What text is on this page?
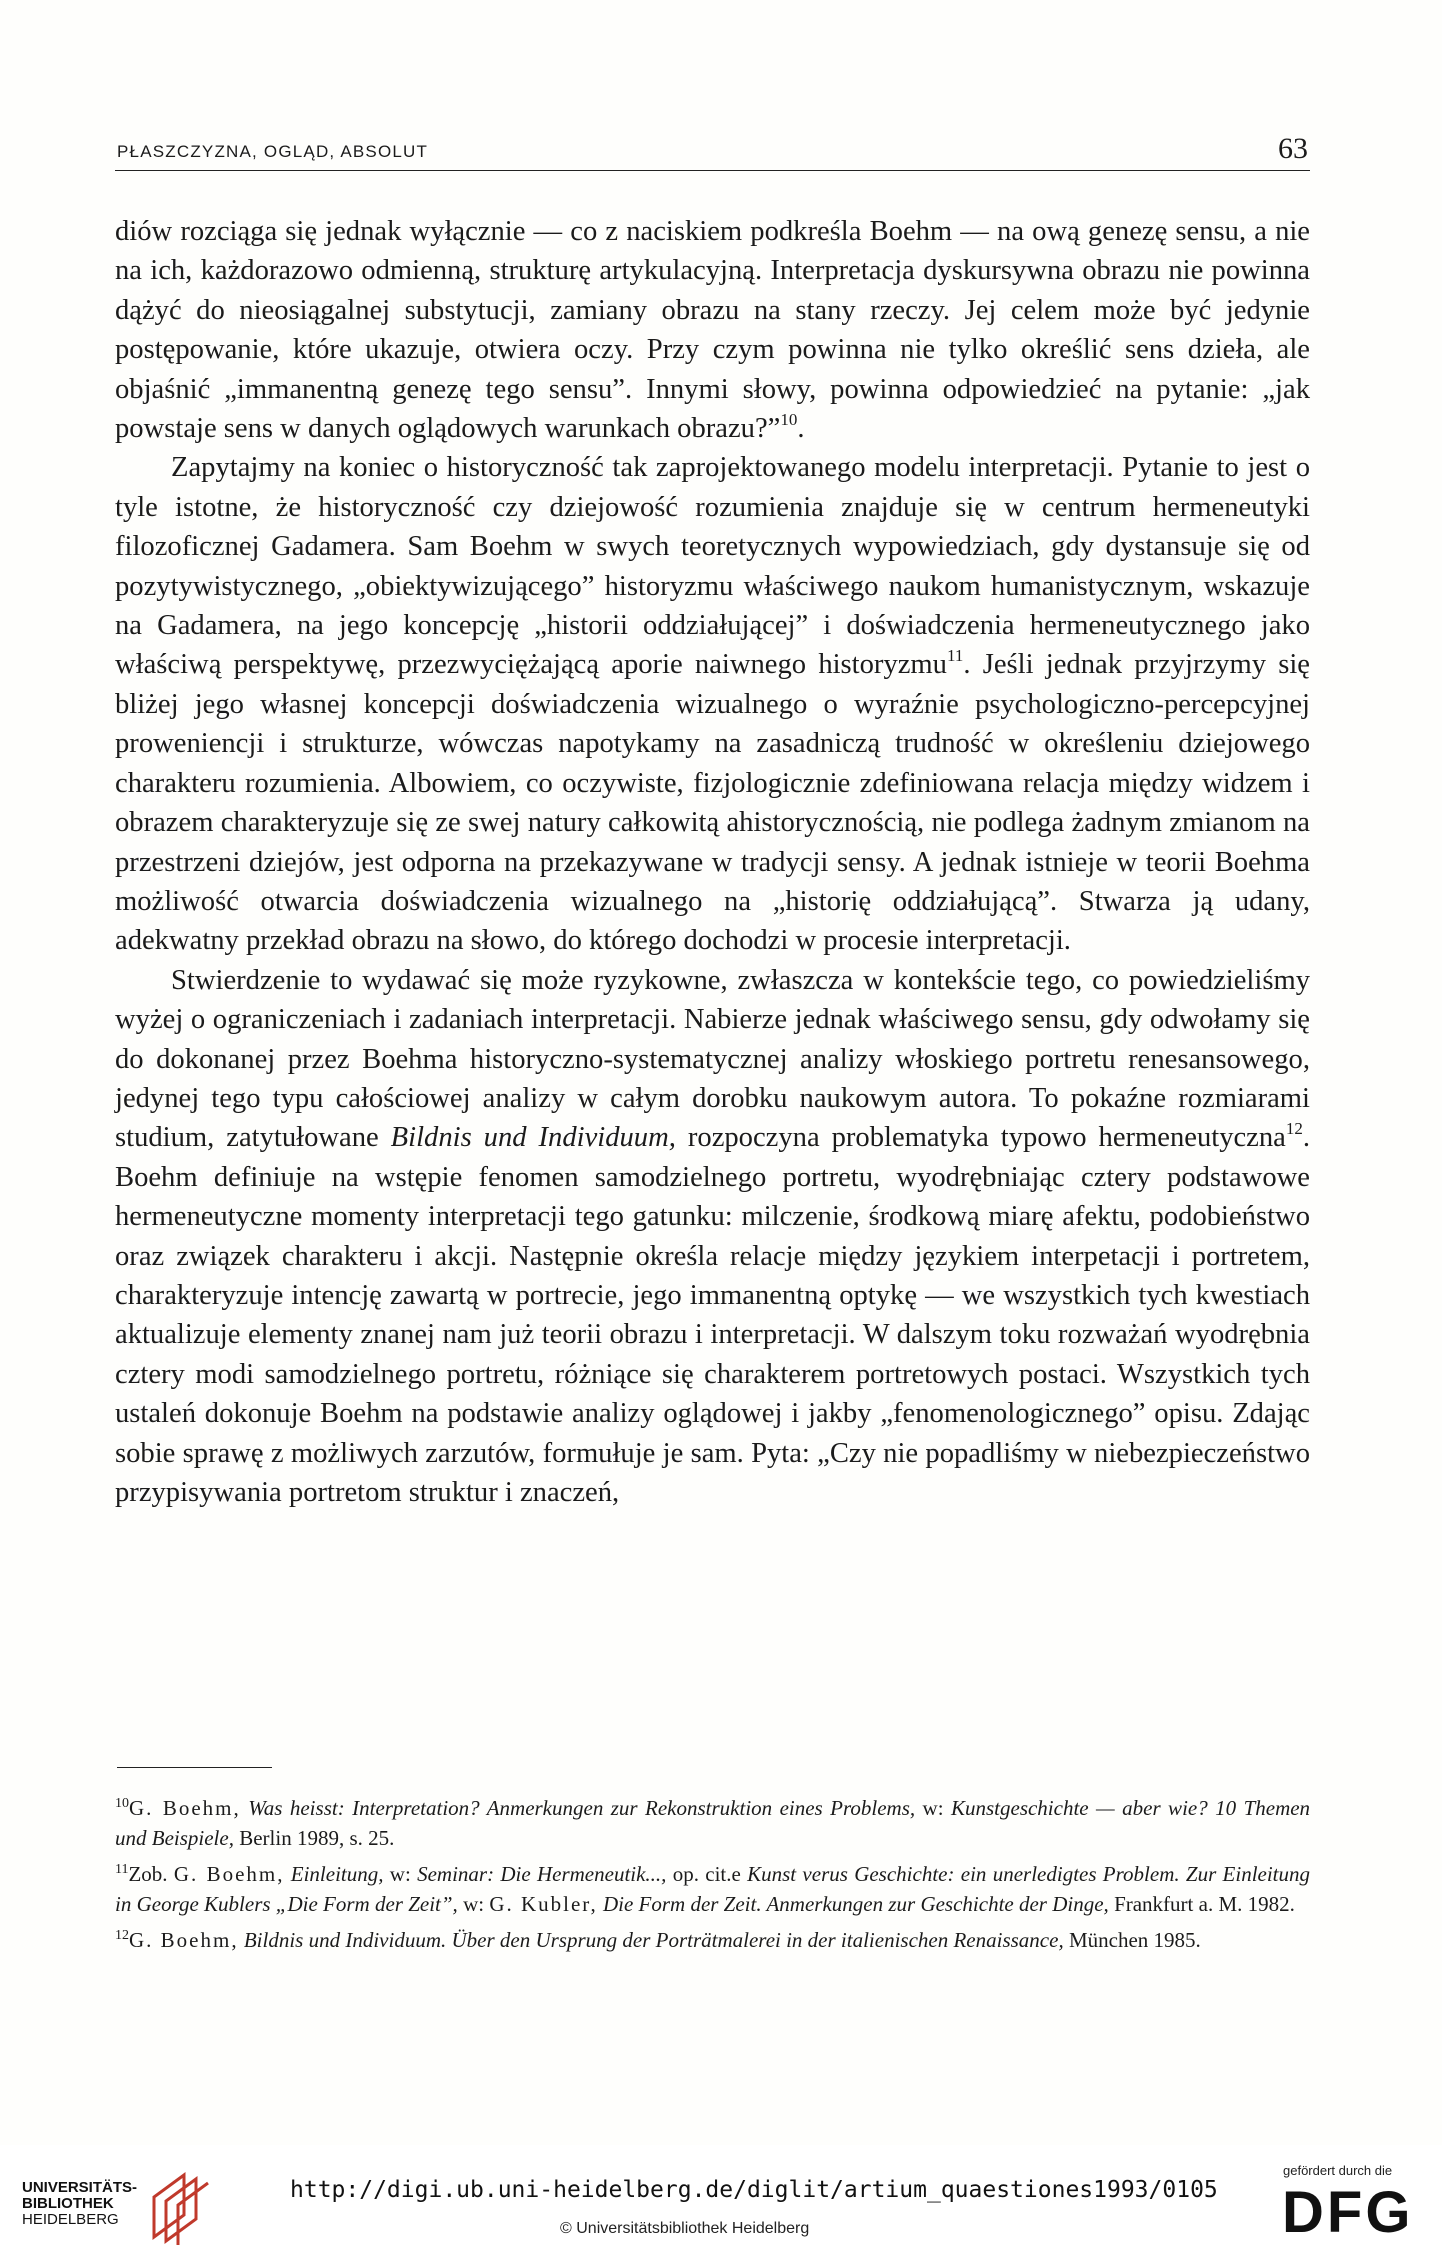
PŁASZCZYZNA, OGLĄD, ABSOLUT	63

diów rozciąga się jednak wyłącznie — co z naciskiem podkreśla Boehm — na ową genezę sensu, a nie na ich, każdorazowo odmienną, strukturę artykulacyjną. Interpretacja dyskursywna obrazu nie powinna dążyć do nieosiągalnej substytucji, zamiany obrazu na stany rzeczy. Jej celem może być jedynie postępowanie, które ukazuje, otwiera oczy. Przy czym powinna nie tylko określić sens dzieła, ale objaśnić „immanentną genezę tego sensu”. Innymi słowy, powinna odpowiedzieć na pytanie: „jak powstaje sens w danych oglądowych warunkach obrazu?”$^{10}$.

Zapytajmy na koniec o historyczność tak zaprojektowanego modelu interpretacji. Pytanie to jest o tyle istotne, że historyczność czy dziejowość rozumienia znajduje się w centrum hermeneutyki filozoficznej Gadamera. Sam Boehm w swych teoretycznych wypowiedziach, gdy dystansuje się od pozytywistycznego, „obiektywizującego” historyzmu właściwego naukom humanistycznym, wskazuje na Gadamera, na jego koncepcję „historii oddziałującej” i doświadczenia hermeneutycznego jako właściwą perspektywę, przezwyciężającą aporie naiwnego historyzmu$^{11}$. Jeśli jednak przyjrzymy się bliżej jego własnej koncepcji doświadczenia wizualnego o wyraźnie psychologiczno-percepcyjnej proweniencji i strukturze, wówczas napotykamy na zasadniczą trudność w określeniu dziejowego charakteru rozumienia. Albowiem, co oczywiste, fizjologicznie zdefiniowana relacja między widzem i obrazem charakteryzuje się ze swej natury całkowitą ahistorycznością, nie podlega żadnym zmianom na przestrzeni dziejów, jest odporna na przekazywane w tradycji sensy. A jednak istnieje w teorii Boehma możliwość otwarcia doświadczenia wizualnego na „historię oddziałującą”. Stwarza ją udany, adekwatny przekład obrazu na słowo, do którego dochodzi w procesie interpretacji.

Stwierdzenie to wydawać się może ryzykowne, zwłaszcza w kontekście tego, co powiedzieliśmy wyżej o ograniczeniach i zadaniach interpretacji. Nabierze jednak właściwego sensu, gdy odwołamy się do dokonanej przez Boehma historyczno-systematycznej analizy włoskiego portretu renesansowego, jedynej tego typu całościowej analizy w całym dorobku naukowym autora. To pokaźne rozmiarami studium, zatytułowane Bildnis und Individuum, rozpoczyna problematyka typowo hermeneutyczna$^{12}$. Boehm definiuje na wstępie fenomen samodzielnego portretu, wyodrębniając cztery podstawowe hermeneutyczne momenty interpretacji tego gatunku: milczenie, środkową miarę afektu, podobieństwo oraz związek charakteru i akcji. Następnie określa relacje między językiem interpetacji i portretem, charakteryzuje intencję zawartą w portrecie, jego immanentną optykę — we wszystkich tych kwestiach aktualizuje elementy znanej nam już teorii obrazu i interpretacji. W dalszym toku rozważań wyodrębnia cztery modi samodzielnego portretu, różniące się charakterem portretowych postaci. Wszystkich tych ustaleń dokonuje Boehm na podstawie analizy oglądowej i jakby „fenomenologicznego” opisu. Zdając sobie sprawę z możliwych zarzutów, formułuje je sam. Pyta: „Czy nie popadliśmy w niebezpieczeństwo przypisywania portretom struktur i znaczeń,

$^{10}$G. Boehm, Was heisst: Interpretation? Anmerkungen zur Rekonstruktion eines Problems, w: Kunstgeschichte — aber wie? 10 Themen und Beispiele, Berlin 1989, s. 25.

$^{11}$Zob. G. Boehm, Einleitung, w: Seminar: Die Hermeneutik..., op. cit.e Kunst verus Geschichte: ein unerledigtes Problem. Zur Einleitung in George Kublers „Die Form der Zeit”, w: G. Kubler, Die Form der Zeit. Anmerkungen zur Geschichte der Dinge, Frankfurt a. M. 1982.

$^{12}$G. Boehm, Bildnis und Individuum. Über den Ursprung der Porträtmalerei in der italienischen Renaissance, München 1985.

UNIVERSITÄTS-
BIBLIOTHEK
HEIDELBERG
http://digi.ub.uni-heidelberg.de/diglit/artium_quaestiones1993/0105
© Universitätsbibliothek Heidelberg
gefördert durch die
DFG
